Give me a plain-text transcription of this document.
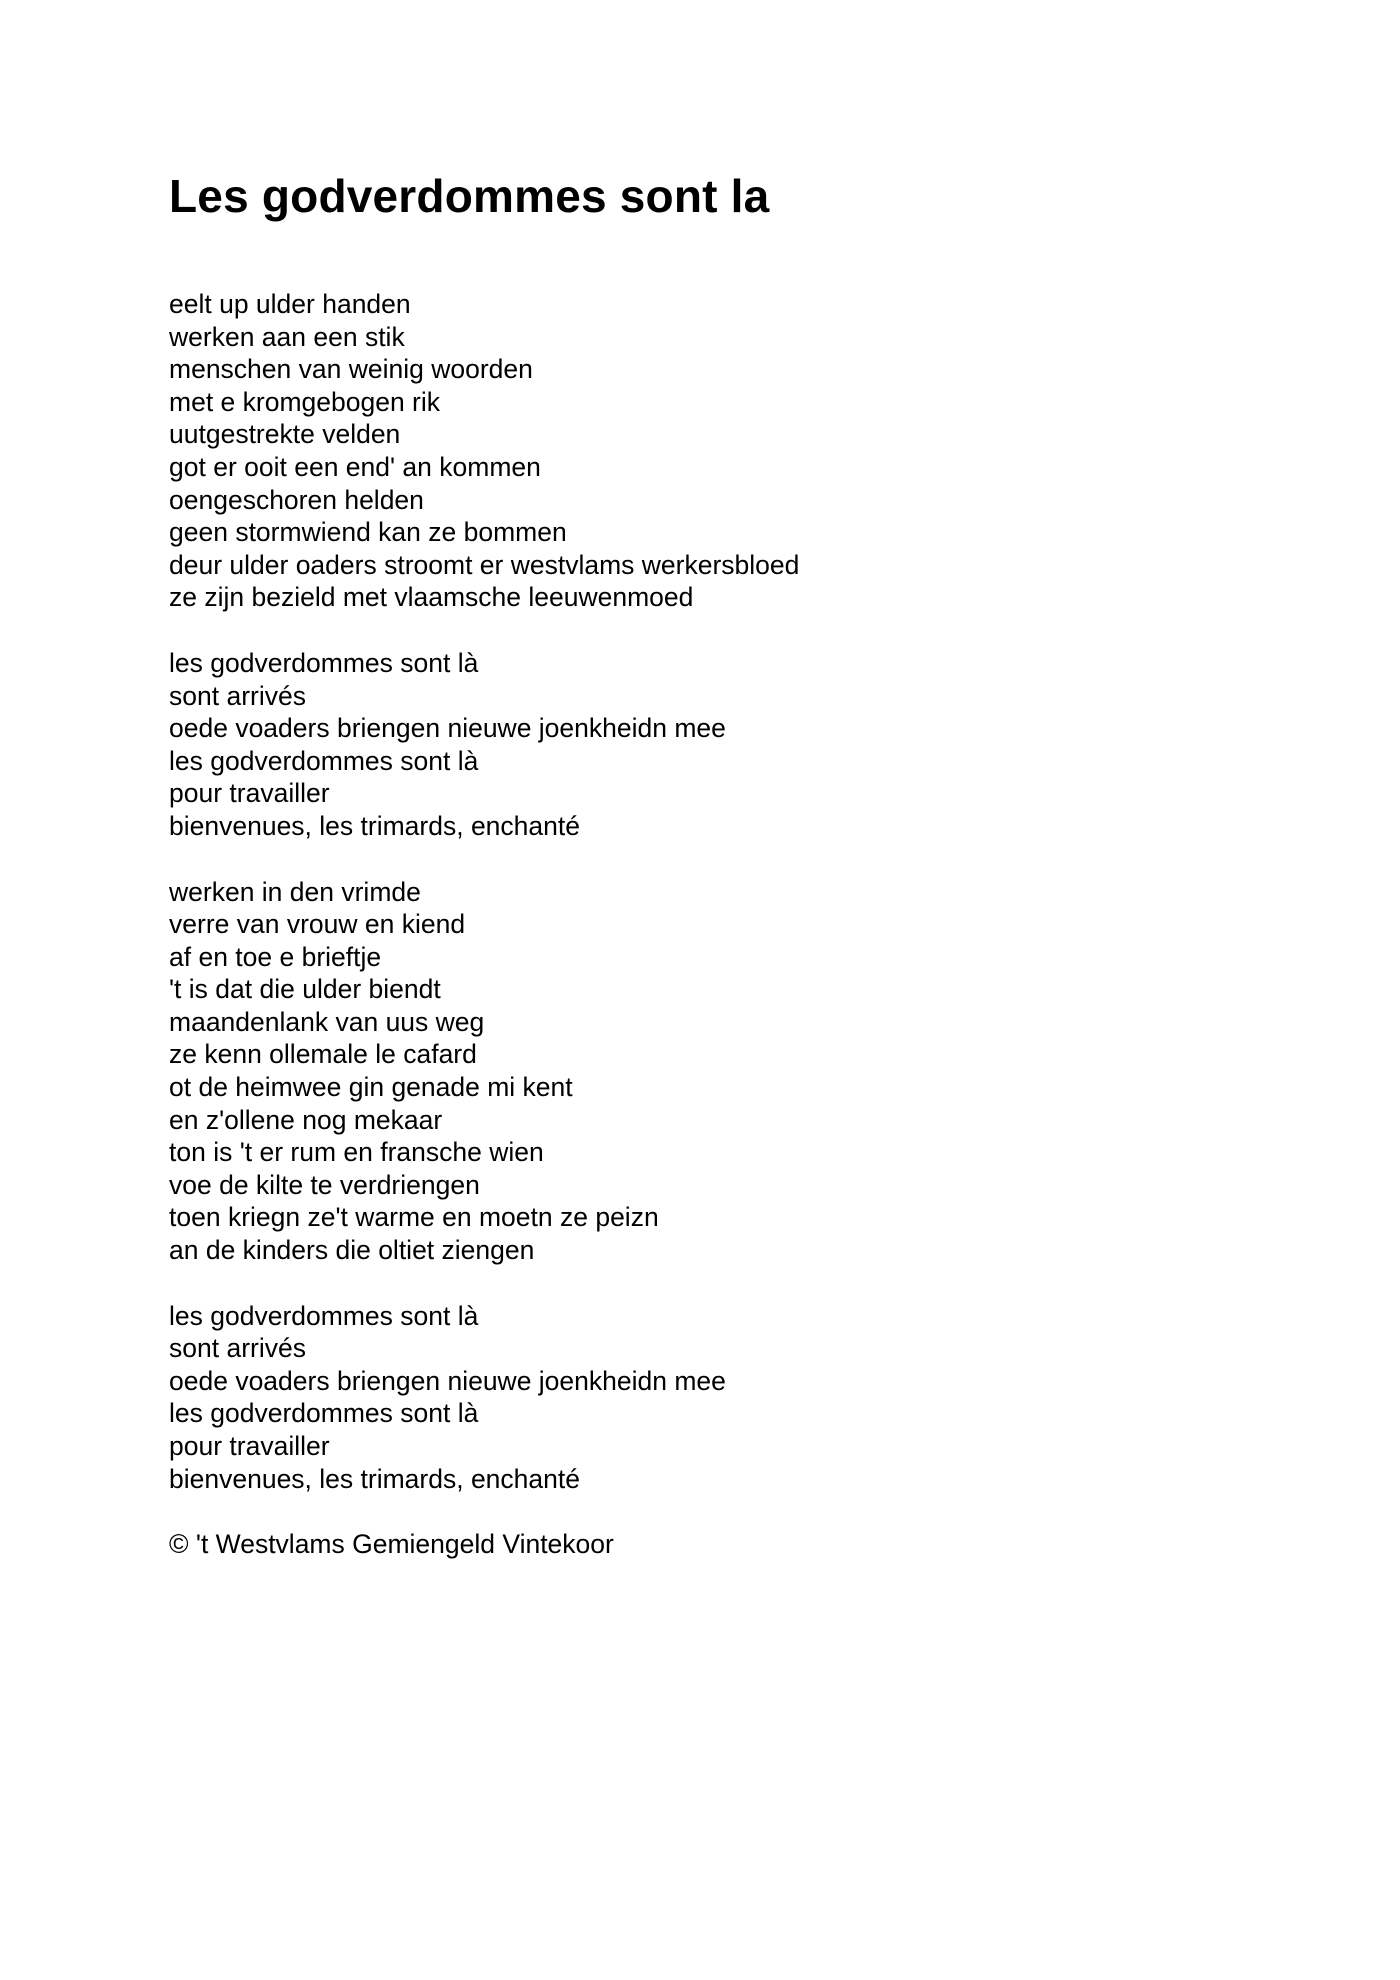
Les godverdommes sont la
eelt up ulder handen
werken aan een stik
menschen van weinig woorden
met e kromgebogen rik
uutgestrekte velden
got er ooit een end' an kommen
oengeschoren helden
geen stormwiend kan ze bommen
deur ulder oaders stroomt er westvlams werkersbloed
ze zijn bezield met vlaamsche leeuwenmoed
les godverdommes sont là
sont arrivés
oede voaders briengen nieuwe joenkheidn mee
les godverdommes sont là
pour travailler
bienvenues, les trimards, enchanté
werken in den vrimde
verre van vrouw en kiend
af en toe e brieftje
't is dat die ulder biendt
maandenlank van uus weg
ze kenn ollemale le cafard
ot de heimwee gin genade mi kent
en z'ollene nog mekaar
ton is 't er rum en fransche wien
voe de kilte te verdriengen
toen kriegn ze't warme en moetn ze peizn
an de kinders die oltiet ziengen
les godverdommes sont là
sont arrivés
oede voaders briengen nieuwe joenkheidn mee
les godverdommes sont là
pour travailler
bienvenues, les trimards, enchanté
© 't Westvlams Gemiengeld Vintekoor
